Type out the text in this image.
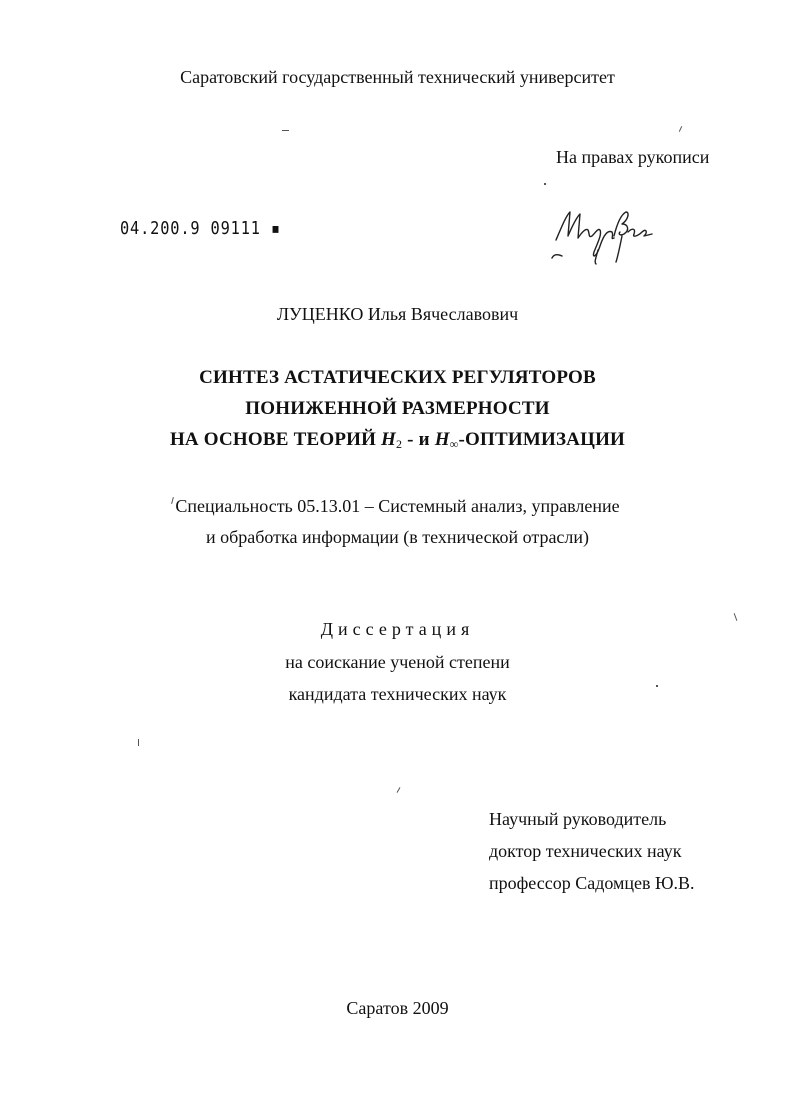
Саратовский государственный технический университет
На правах рукописи
04.200.9 09111 ▪
ЛУЦЕНКО Илья Вячеславович
СИНТЕЗ АСТАТИЧЕСКИХ РЕГУЛЯТОРОВ
ПОНИЖЕННОЙ РАЗМЕРНОСТИ
НА ОСНОВЕ ТЕОРИЙ $H_2$ - и $H_\infty$-ОПТИМИЗАЦИИ
Специальность 05.13.01 – Системный анализ, управление
и обработка информации (в технической отрасли)
Диссертация
на соискание ученой степени
кандидата технических наук
Научный руководитель
доктор технических наук
профессор Садомцев Ю.В.
Саратов 2009
